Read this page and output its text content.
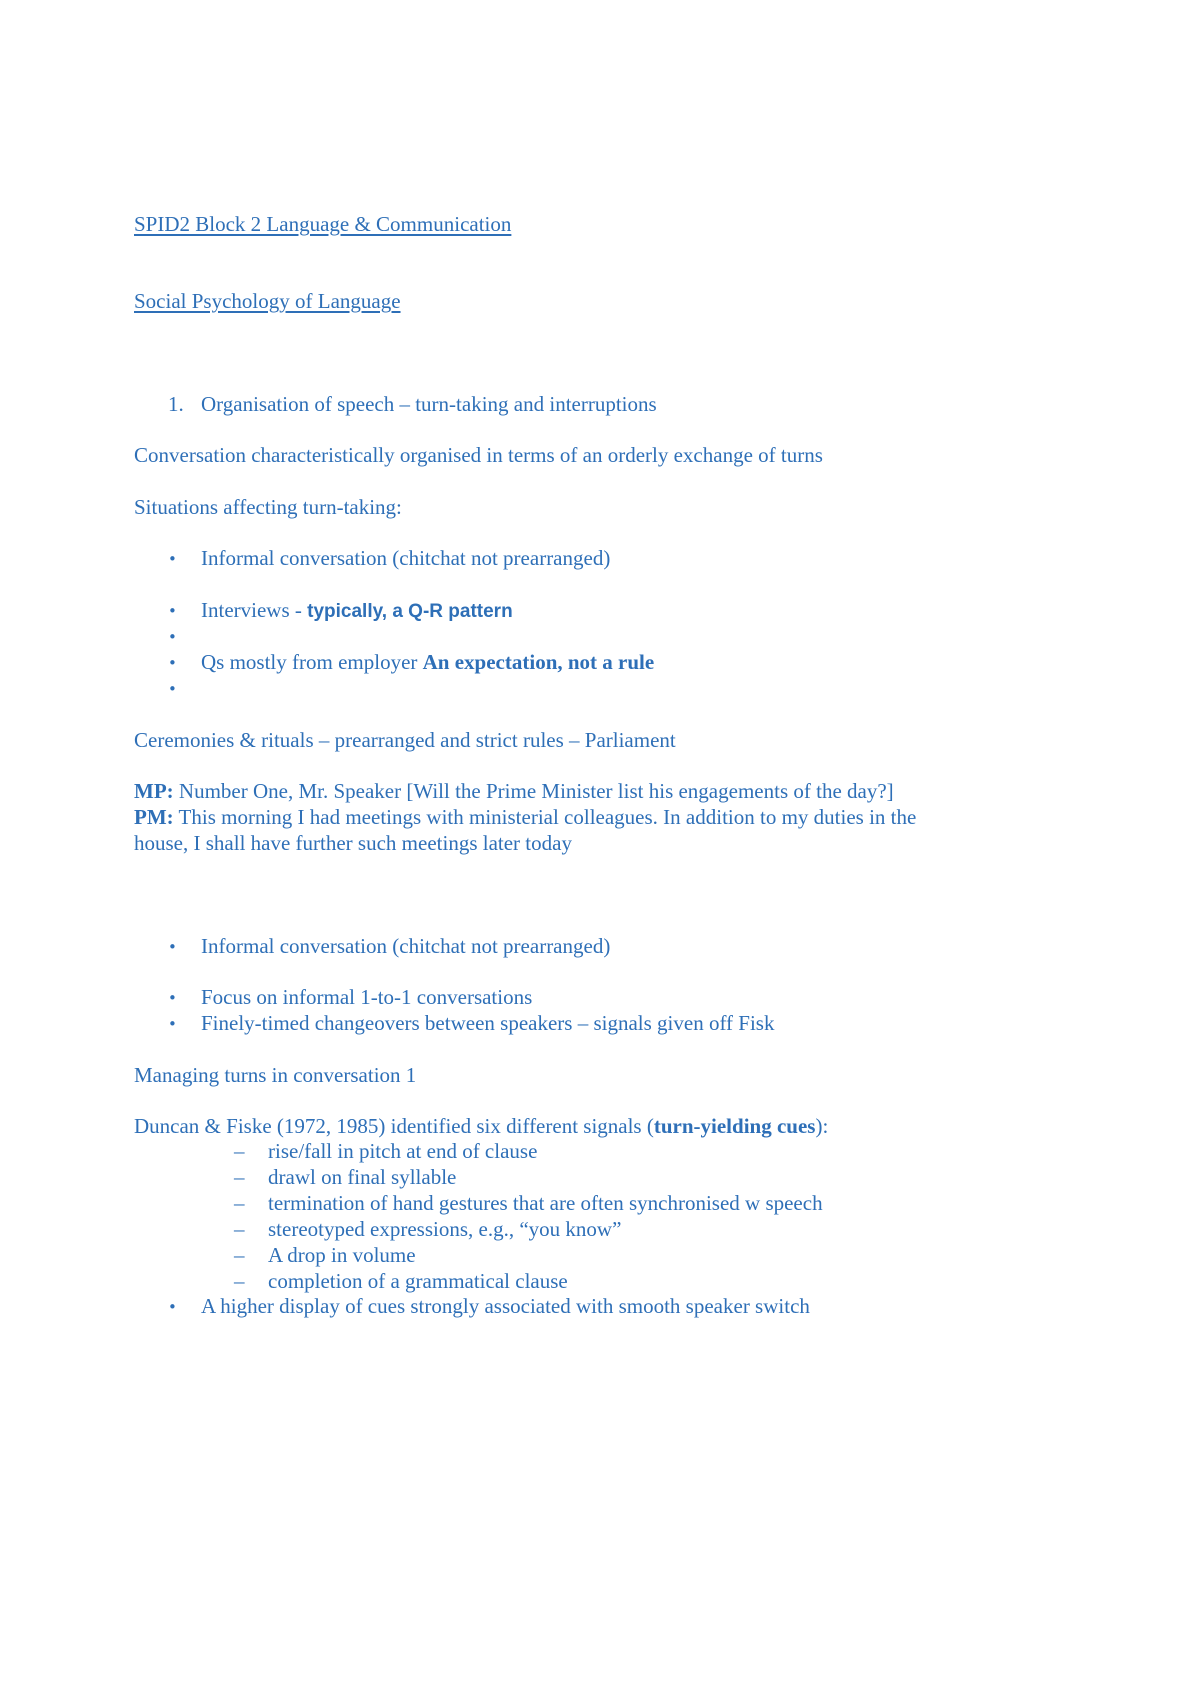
SPID2 Block 2 Language & Communication
Social Psychology of Language
1. Organisation of speech – turn-taking and interruptions
Conversation characteristically organised in terms of an orderly exchange of turns
Situations affecting turn-taking:
• Informal conversation (chitchat not prearranged)
• Interviews - typically, a Q-R pattern
•
• Qs mostly from employer An expectation, not a rule
•
Ceremonies & rituals – prearranged and strict rules – Parliament
MP: Number One, Mr. Speaker [Will the Prime Minister list his engagements of the day?]
PM: This morning I had meetings with ministerial colleagues. In addition to my duties in the
house, I shall have further such meetings later today
• Informal conversation (chitchat not prearranged)
• Focus on informal 1-to-1 conversations
• Finely-timed changeovers between speakers – signals given off Fisk
Managing turns in conversation 1
Duncan & Fiske (1972, 1985) identified six different signals (turn-yielding cues):
– rise/fall in pitch at end of clause
– drawl on final syllable
– termination of hand gestures that are often synchronised w speech
– stereotyped expressions, e.g., “you know”
– A drop in volume
– completion of a grammatical clause
• A higher display of cues strongly associated with smooth speaker switch
